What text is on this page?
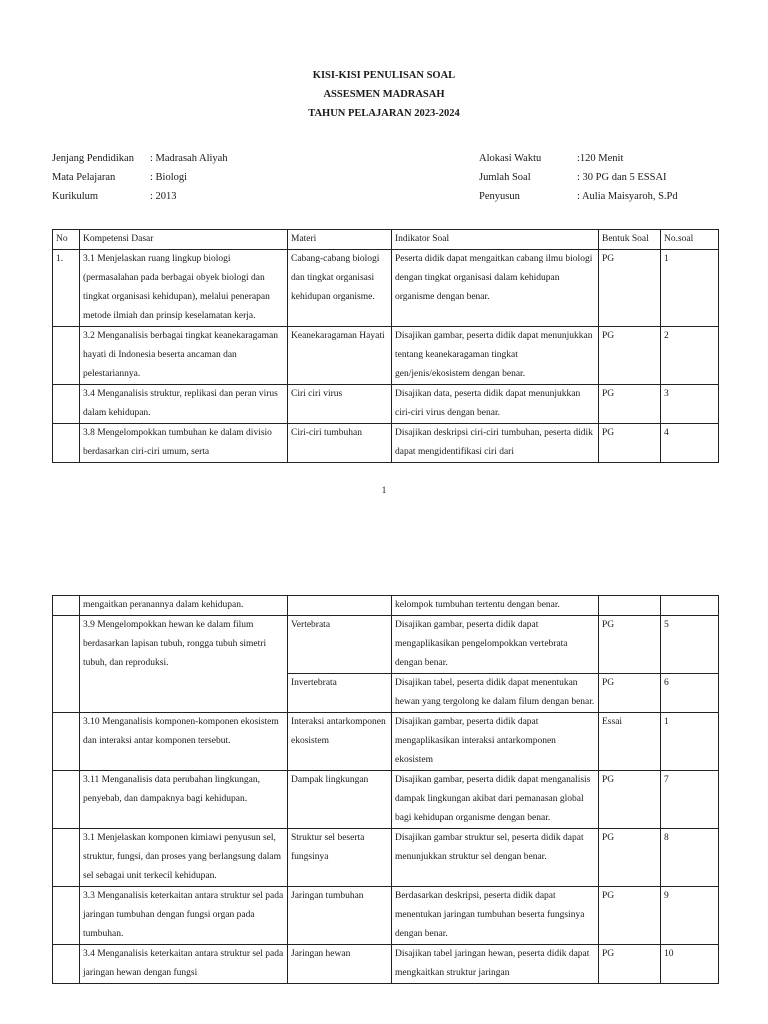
KISI-KISI PENULISAN SOAL
ASSESMEN MADRASAH
TAHUN PELAJARAN 2023-2024
Jenjang Pendidikan : Madrasah Aliyah
Mata Pelajaran	: Biologi
Kurikulum	: 2013
Alokasi Waktu	:120 Menit
Jumlah Soal	: 30 PG dan 5 ESSAI
Penyusun	: Aulia Maisyaroh, S.Pd
No	Kompetensi Dasar	Materi	Indikator Soal	Bentuk Soal	No.soal
1.	3.1 Menjelaskan ruang lingkup biologi (permasalahan pada berbagai obyek biologi dan tingkat organisasi kehidupan), melalui penerapan metode ilmiah dan prinsip keselamatan kerja.	Cabang-cabang biologi dan tingkat organisasi kehidupan organisme.	Peserta didik dapat mengaitkan cabang ilmu biologi dengan tingkat organisasi dalam kehidupan organisme dengan benar.	PG	1
	3.2 Menganalisis berbagai tingkat keanekaragaman hayati di Indonesia beserta ancaman dan pelestariannya.	Keanekaragaman Hayati	Disajikan gambar, peserta didik dapat menunjukkan tentang keanekaragaman tingkat gen/jenis/ekosistem dengan benar.	PG	2
	3.4 Menganalisis struktur, replikasi dan peran virus dalam kehidupan.	Ciri ciri virus	Disajikan data, peserta didik dapat menunjukkan ciri-ciri virus dengan benar.	PG	3
	3.8 Mengelompokkan tumbuhan ke dalam divisio berdasarkan ciri-ciri umum, serta	Ciri-ciri tumbuhan	Disajikan deskripsi ciri-ciri tumbuhan, peserta didik dapat mengidentifikasi ciri dari	PG	4
1
	mengaitkan peranannya dalam kehidupan.		kelompok tumbuhan tertentu dengan benar.		
	3.9 Mengelompokkan hewan ke dalam filum berdasarkan lapisan tubuh, rongga tubuh simetri tubuh, dan reproduksi.	Vertebrata	Disajikan gambar, peserta didik dapat mengaplikasikan pengelompokkan vertebrata dengan benar.	PG	5
		Invertebrata	Disajikan tabel, peserta didik dapat menentukan hewan yang tergolong ke dalam filum dengan benar.	PG	6
	3.10 Menganalisis komponen-komponen ekosistem dan interaksi antar komponen tersebut.	Interaksi antarkomponen ekosistem	Disajikan gambar, peserta didik dapat mengaplikasikan interaksi antarkomponen ekosistem	Essai	1
	3.11 Menganalisis data perubahan lingkungan, penyebab, dan dampaknya bagi kehidupan.	Dampak lingkungan	Disajikan gambar, peserta didik dapat menganalisis dampak lingkungan akibat dari pemanasan global bagi kehidupan organisme dengan benar.	PG	7
	3.1 Menjelaskan komponen kimiawi penyusun sel, struktur, fungsi, dan proses yang berlangsung dalam sel sebagai unit terkecil kehidupan.	Struktur sel beserta fungsinya	Disajikan gambar struktur sel, peserta didik dapat menunjukkan struktur sel dengan benar.	PG	8
	3.3 Menganalisis keterkaitan antara struktur sel pada jaringan tumbuhan dengan fungsi organ pada tumbuhan.	Jaringan tumbuhan	Berdasarkan deskripsi, peserta didik dapat menentukan jaringan tumbuhan beserta fungsinya dengan benar.	PG	9
	3.4 Menganalisis keterkaitan antara struktur sel pada jaringan hewan dengan fungsi	Jaringan hewan	Disajikan tabel jaringan hewan, peserta didik dapat mengkaitkan struktur jaringan	PG	10
